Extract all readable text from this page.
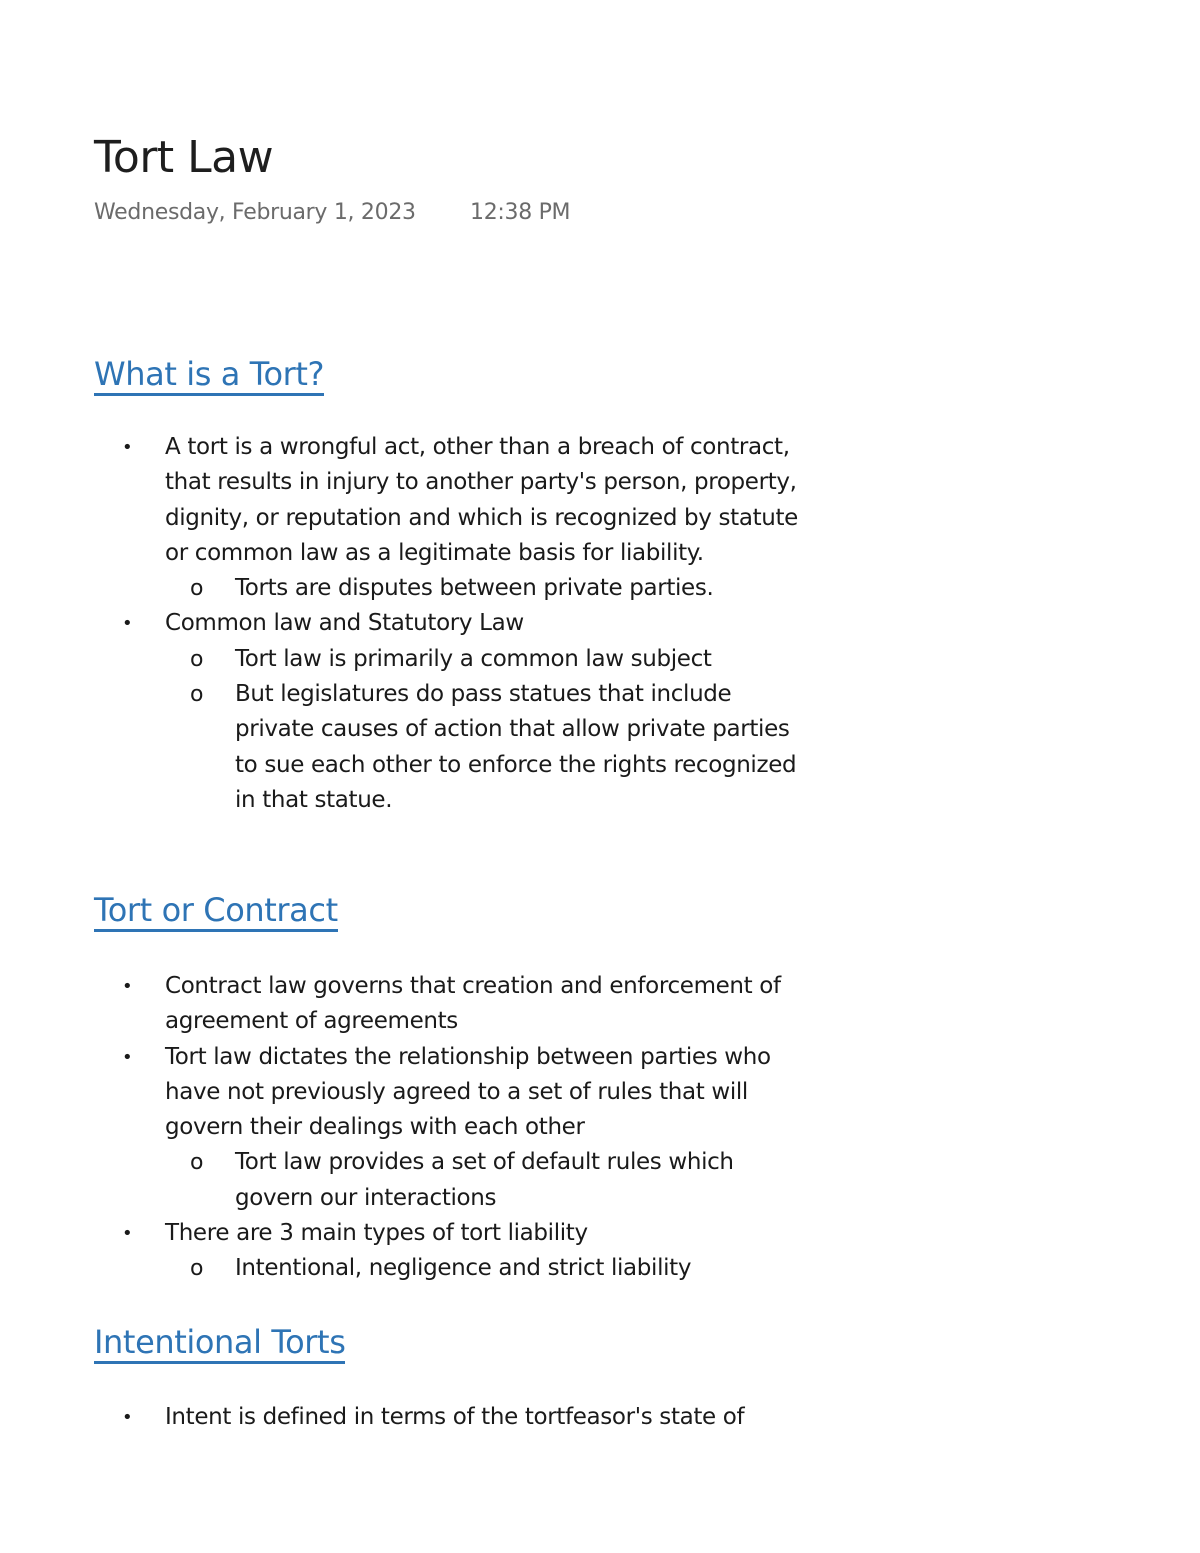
Tort Law
Wednesday, February 1, 2023 12:38 PM
What is a Tort?
• A tort is a wrongful act, other than a breach of contract, that results in injury to another party's person, property, dignity, or reputation and which is recognized by statute or common law as a legitimate basis for liability.
o Torts are disputes between private parties.
• Common law and Statutory Law
o Tort law is primarily a common law subject
o But legislatures do pass statues that include private causes of action that allow private parties to sue each other to enforce the rights recognized in that statue.
Tort or Contract
• Contract law governs that creation and enforcement of agreement of agreements
• Tort law dictates the relationship between parties who have not previously agreed to a set of rules that will govern their dealings with each other
o Tort law provides a set of default rules which govern our interactions
• There are 3 main types of tort liability
o Intentional, negligence and strict liability
Intentional Torts
• Intent is defined in terms of the tortfeasor's state of
